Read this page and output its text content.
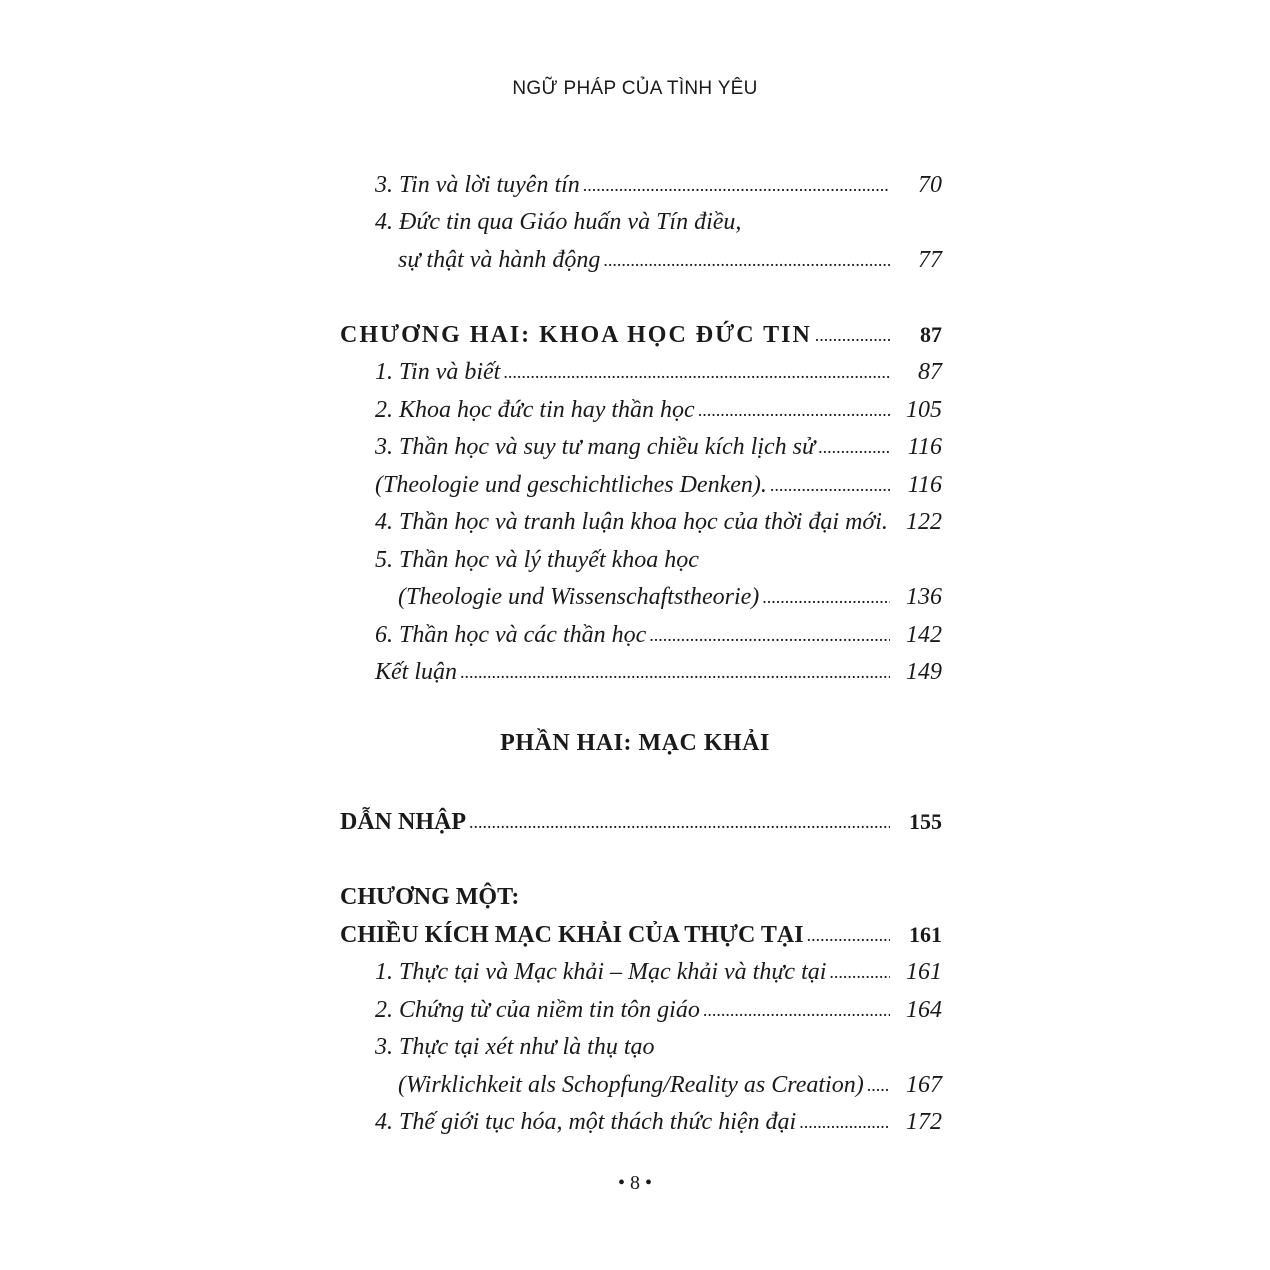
NGỮ PHÁP CỦA TÌNH YÊU
3. Tin và lời tuyên tín .....	70
4. Đức tin qua Giáo huấn và Tín điều,
sự thật và hành động .....	77
CHƯƠNG HAI: KHOA HỌC ĐỨC TIN .....	87
1. Tin và biết .....	87
2. Khoa học đức tin hay thần học .....	105
3. Thần học và suy tư mang chiều kích lịch sử .....	116
(Theologie und geschichtliches Denken). .....	116
4. Thần học và tranh luận khoa học của thời đại mới. 122
5. Thần học và lý thuyết khoa học
(Theologie und Wissenschaftstheorie) .....	136
6. Thần học và các thần học .....	142
Kết luận .....	149
DẪN NHẬP .....	155
CHƯƠNG MỘT:
CHIỀU KÍCH MẠC KHẢI CỦA THỰC TẠI .....	161
1. Thực tại và Mạc khải – Mạc khải và thực tại .....	161
2. Chứng từ của niềm tin tôn giáo .....	164
3. Thực tại xét như là thụ tạo
(Wirklichkeit als Schopfung/Reality as Creation) .....	167
4. Thế giới tục hóa, một thách thức hiện đại .....	172
PHẦN HAI: MẠC KHẢI
• 8 •
